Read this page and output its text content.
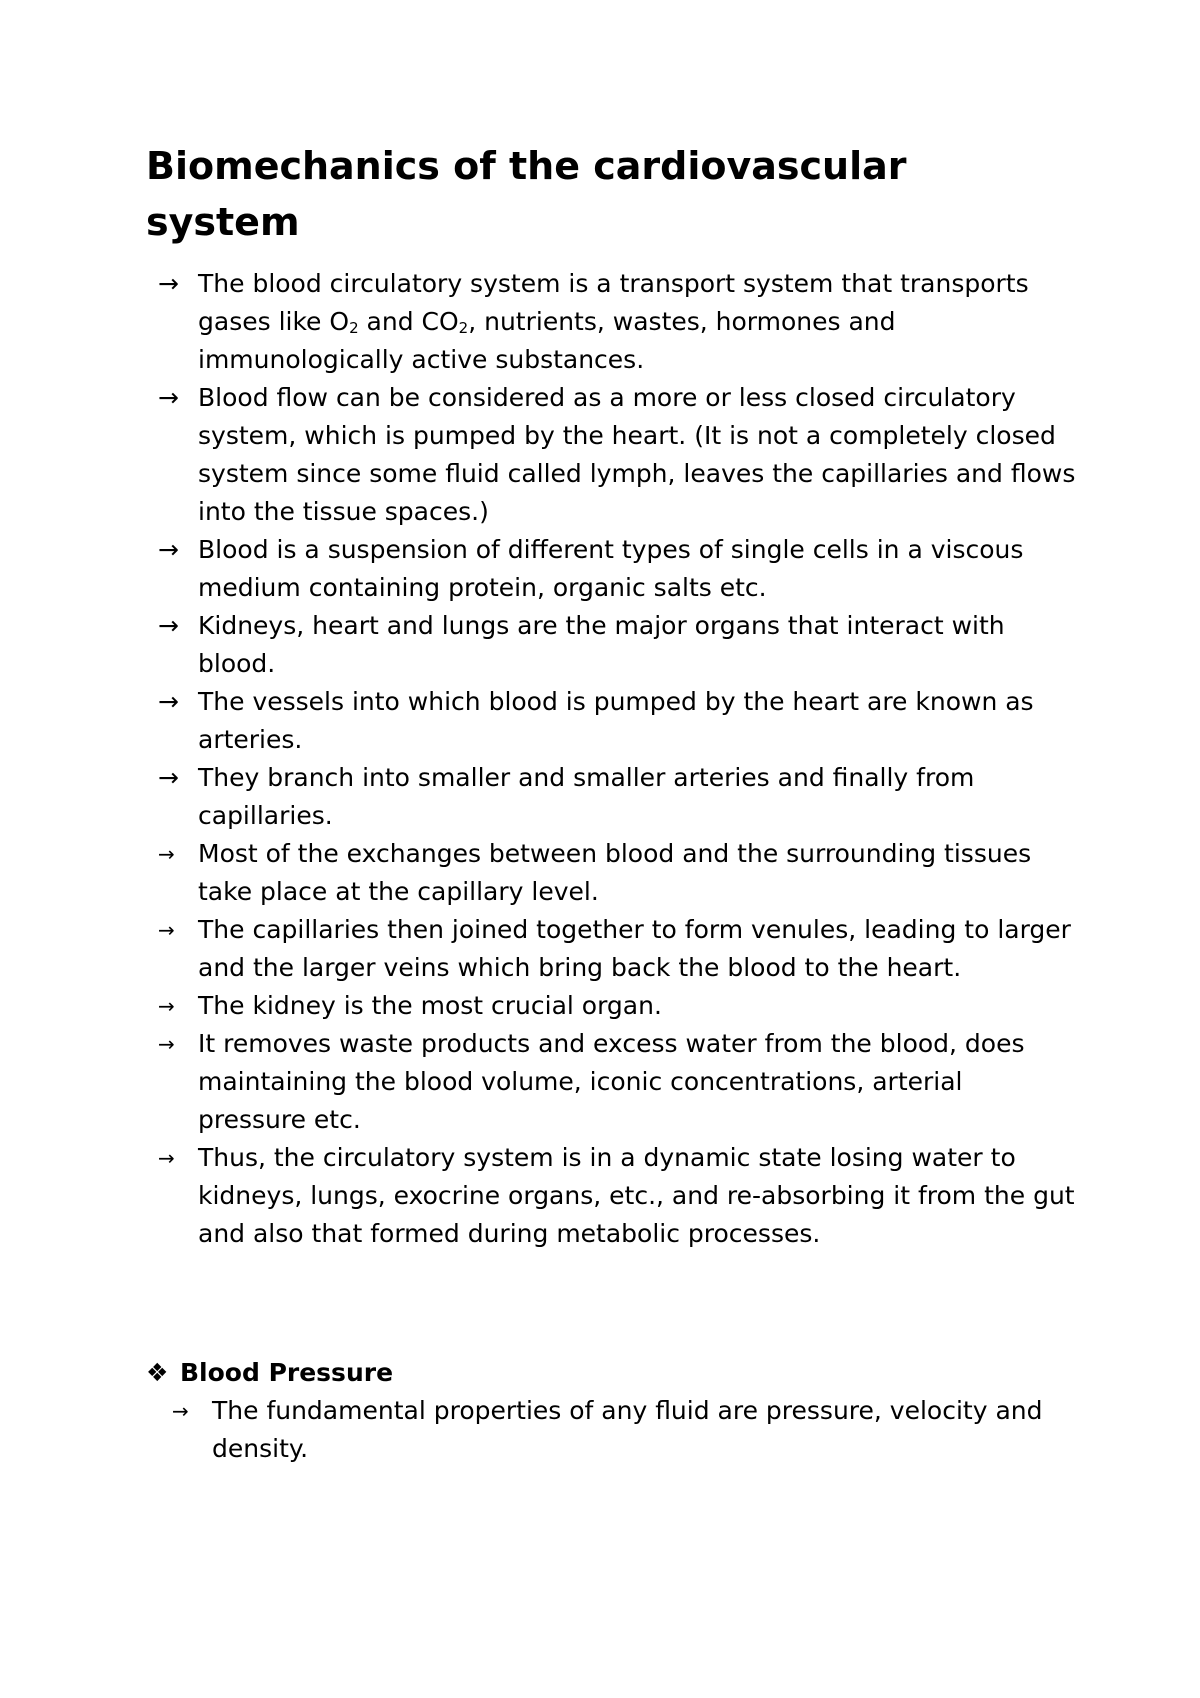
Biomechanics of the cardiovascular system
→ The blood circulatory system is a transport system that transports gases like $O_2$ and $CO_2$, nutrients, wastes, hormones and immunologically active substances.
→ Blood flow can be considered as a more or less closed circulatory system, which is pumped by the heart. (It is not a completely closed system since some fluid called lymph, leaves the capillaries and flows into the tissue spaces.)
→ Blood is a suspension of different types of single cells in a viscous medium containing protein, organic salts etc.
→ Kidneys, heart and lungs are the major organs that interact with blood.
→ The vessels into which blood is pumped by the heart are known as arteries.
→ They branch into smaller and smaller arteries and finally from capillaries.
→ Most of the exchanges between blood and the surrounding tissues take place at the capillary level.
→ The capillaries then joined together to form venules, leading to larger and the larger veins which bring back the blood to the heart.
→ The kidney is the most crucial organ.
→ It removes waste products and excess water from the blood, does maintaining the blood volume, iconic concentrations, arterial pressure etc.
→ Thus, the circulatory system is in a dynamic state losing water to kidneys, lungs, exocrine organs, etc., and re-absorbing it from the gut and also that formed during metabolic processes.
❖ Blood Pressure
→ The fundamental properties of any fluid are pressure, velocity and density.
